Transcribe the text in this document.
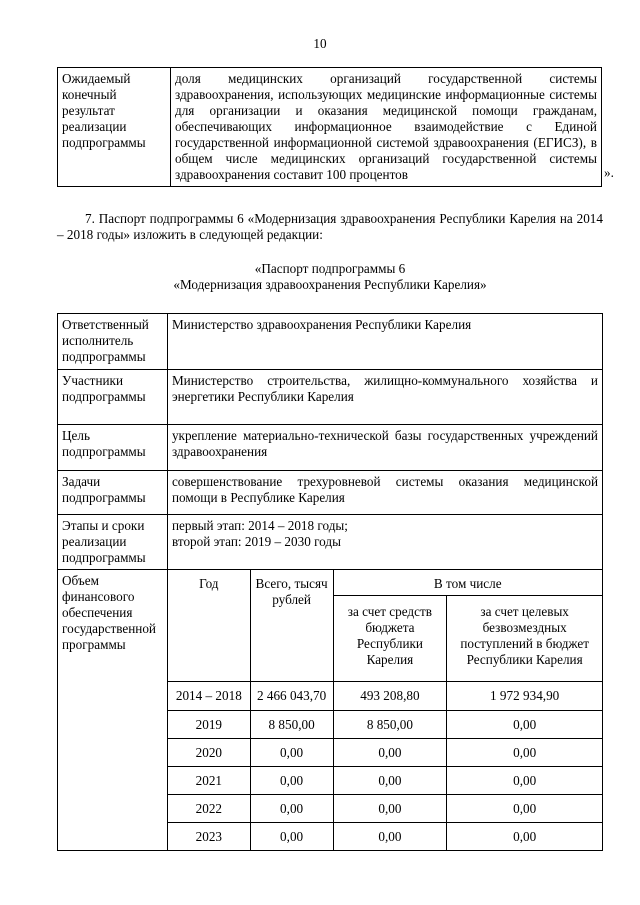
10
Ожидаемый конечный результат реализации подпрограммы	доля медицинских организаций государственной системы здравоохранения, использующих медицинские информационные системы для организации и оказания медицинской помощи гражданам, обеспечивающих информационное взаимодействие с Единой государственной информационной системой здравоохранения (ЕГИСЗ), в общем числе медицинских организаций государственной системы здравоохранения составит 100 процентов	».
7. Паспорт подпрограммы 6 «Модернизация здравоохранения Республики Карелия на 2014 – 2018 годы» изложить в следующей редакции:
«Паспорт подпрограммы 6
«Модернизация здравоохранения Республики Карелия»
Ответственный исполнитель подпрограммы	Министерство здравоохранения Республики Карелия			
Участники подпрограммы	Министерство строительства, жилищно-коммунального хозяйства и энергетики Республики Карелия			
Цель подпрограммы	укрепление материально-технической базы государственных учреждений здравоохранения			
Задачи подпрограммы	совершенствование трехуровневой системы оказания медицинской помощи в Республике Карелия			
Этапы и сроки реализации подпрограммы	первый этап: 2014 – 2018 годы;
второй этап: 2019 – 2030 годы			
Объем финансового обеспечения государственной программы	Год	Всего, тысяч рублей	В том числе	
			за счет средств бюджета Республики Карелия	за счет целевых безвозмездных поступлений в бюджет Республики Карелия
	2014 – 2018	2 466 043,70	493 208,80	1 972 934,90
	2019	8 850,00	8 850,00	0,00
	2020	0,00	0,00	0,00
	2021	0,00	0,00	0,00
	2022	0,00	0,00	0,00
	2023	0,00	0,00	0,00
